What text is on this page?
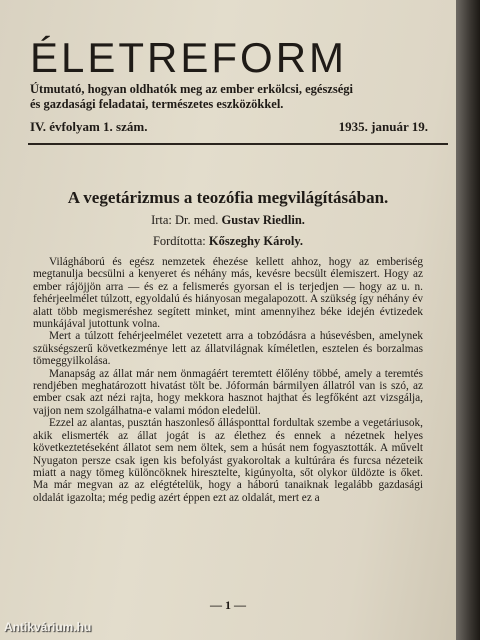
ÉLETREFORM
Útmutató, hogyan oldhatók meg az ember erkölcsi, egészségi
és gazdasági feladatai, természetes eszközökkel.
IV. évfolyam 1. szám.	1935. január 19.
A vegetárizmus a teozófia megvilágításában.
Irta: Dr. med. Gustav Riedlin.
Fordította: Kőszeghy Károly.

Világháború és egész nemzetek éhezése kellett ahhoz, hogy az emberiség megtanulja becsülni a kenyeret és néhány más, kevésre becsült élemiszert. Hogy az ember rájöjjön arra — és ez a felismerés gyorsan el is terjedjen — hogy az u. n. fehérjeelmélet túlzott, egyoldalú és hiányosan megalapozott. A szükség így néhány év alatt több megismeréshez segített minket, mint amennyihez béke idején évtizedek munkájával jutottunk volna.

Mert a túlzott fehérjeelmélet vezetett arra a tobzódásra a húsevésben, amelynek szükségszerű következménye lett az állatvilágnak kíméletlen, esztelen és borzalmas tömeggyilkolása.

Manapság az állat már nem önmagáért teremtett élőlény többé, amely a teremtés rendjében meghatározott hivatást tölt be. Jóformán bármilyen állatról van is szó, az ember csak azt nézi rajta, hogy mekkora hasznot hajthat és legfőként azt vizsgálja, vajjon nem szolgálhatna-e valami módon eledelül.

Ezzel az alantas, pusztán haszonleső állásponttal fordultak szembe a vegetáriusok, akik elismerték az állat jogát is az élethez és ennek a nézetnek helyes következtetéseként állatot sem nem öltek, sem a húsát nem fogyasztották. A művelt Nyugaton persze csak igen kis befolyást gyakoroltak a kultúrára és furcsa nézeteik miatt a nagy tömeg különcöknek hiresztelte, kigúnyolta, sőt olykor üldözte is őket. Ma már megvan az az elégtételük, hogy a háború tanaiknak legalább gazdasági oldalát igazolta; még pedig azért éppen ezt az oldalát, mert ez a

— 1 —
Antikvárium.hu
